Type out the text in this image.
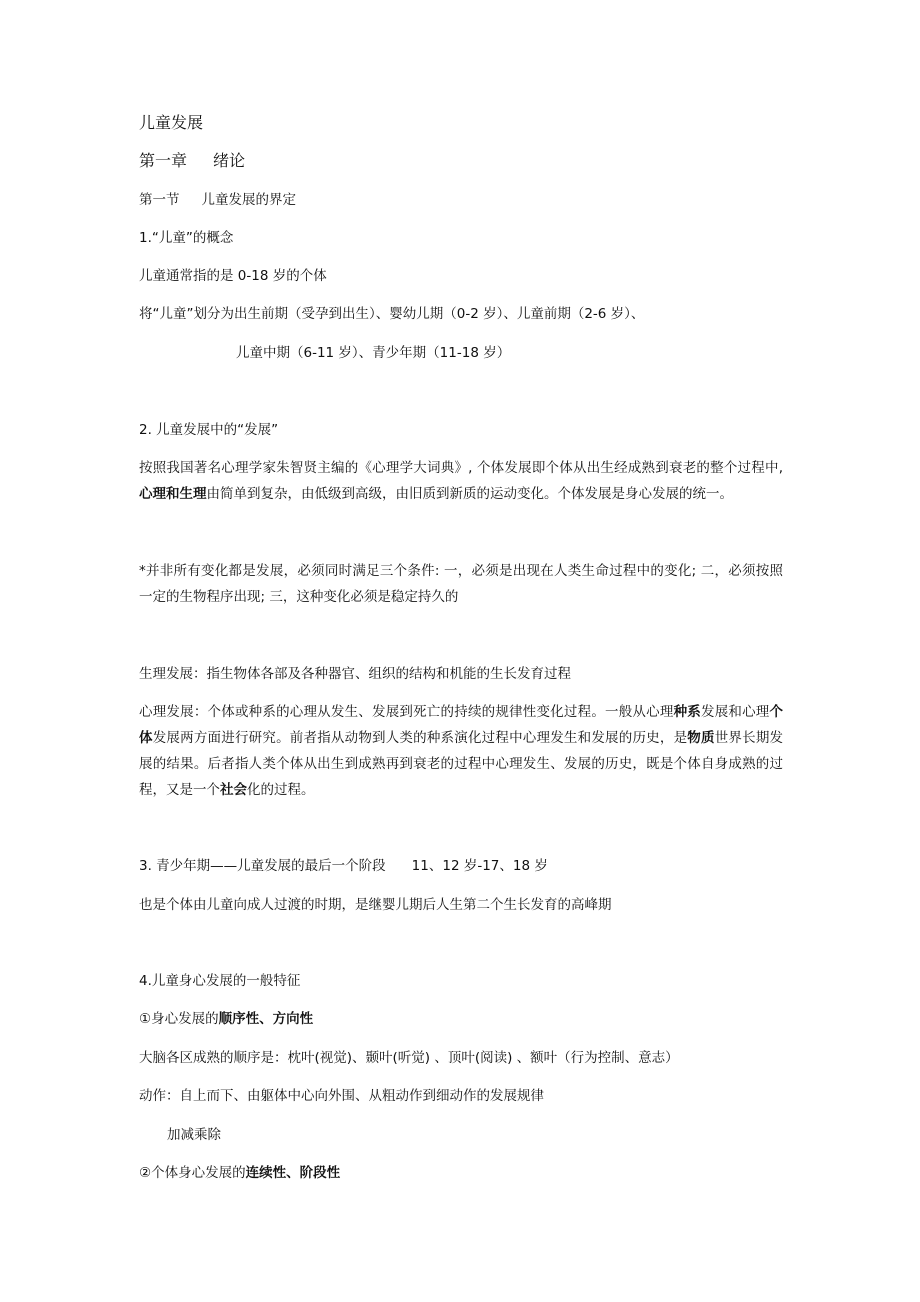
儿童发展

第一章 绪论

第一节 儿童发展的界定

1.“儿童”的概念

儿童通常指的是 0-18 岁的个体

将“儿童”划分为出生前期（受孕到出生）、婴幼儿期（0-2 岁）、儿童前期（2-6 岁）、

儿童中期（6-11 岁）、青少年期（11-18 岁）

2. 儿童发展中的“发展”

按照我国著名心理学家朱智贤主编的《心理学大词典》, 个体发展即个体从出生经成熟到衰老的整个过程中, 心理和生理由简单到复杂，由低级到高级，由旧质到新质的运动变化。个体发展是身心发展的统一。

*并非所有变化都是发展，必须同时满足三个条件: 一，必须是出现在人类生命过程中的变化; 二，必须按照一定的生物程序出现; 三，这种变化必须是稳定持久的

生理发展：指生物体各部及各种器官、组织的结构和机能的生长发育过程

心理发展：个体或种系的心理从发生、发展到死亡的持续的规律性变化过程。一般从心理种系发展和心理个体发展两方面进行研究。前者指从动物到人类的种系演化过程中心理发生和发展的历史，是物质世界长期发展的结果。后者指人类个体从出生到成熟再到衰老的过程中心理发生、发展的历史，既是个体自身成熟的过程，又是一个社会化的过程。

3. 青少年期——儿童发展的最后一个阶段 11、12 岁-17、18 岁

也是个体由儿童向成人过渡的时期，是继婴儿期后人生第二个生长发育的高峰期

4.儿童身心发展的一般特征

①身心发展的顺序性、方向性

大脑各区成熟的顺序是：枕叶(视觉)、颞叶(听觉) 、顶叶(阅读) 、额叶（行为控制、意志）

动作：自上而下、由躯体中心向外围、从粗动作到细动作的发展规律

加减乘除

②个体身心发展的连续性、阶段性
